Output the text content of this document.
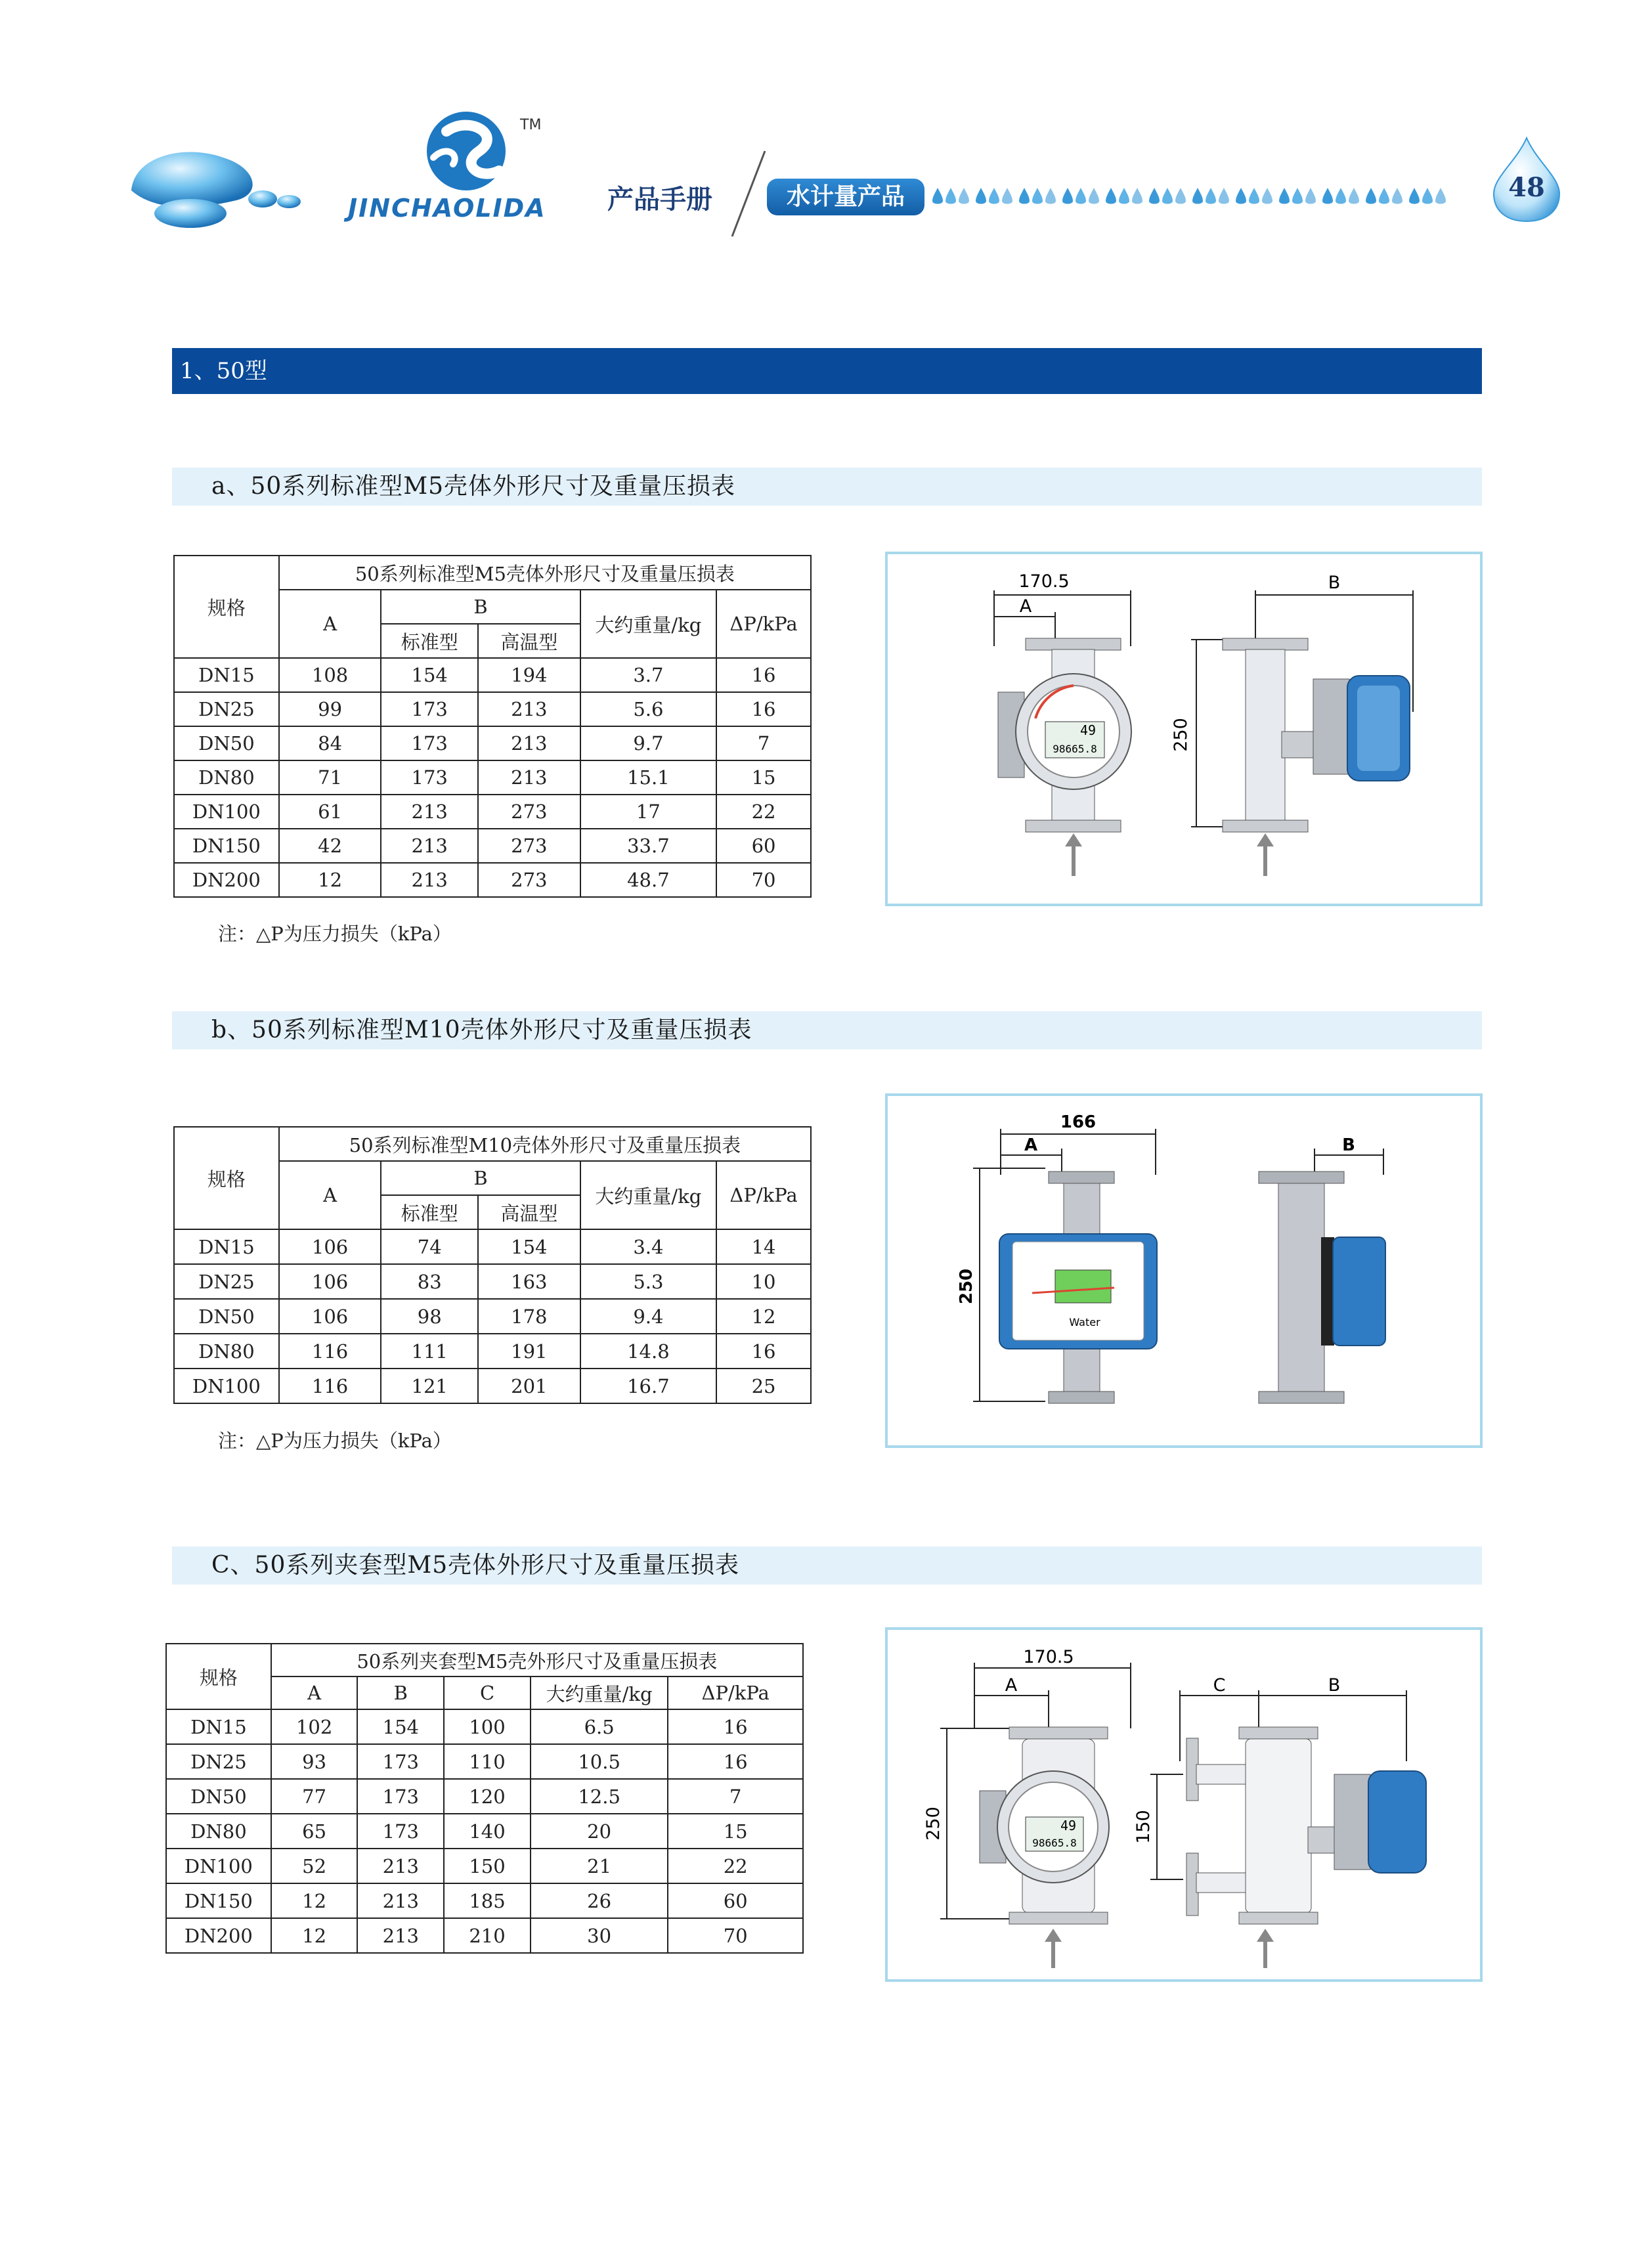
JINCHAOLIDA
TM
产品手册	水计量产品	48
1、50型
a、50系列标准型M5壳体外形尺寸及重量压损表
规格	50系列标准型M5壳体外形尺寸及重量压损表				
	A	B		大约重量/kg	ΔP/kPa
		标准型	高温型		
DN15	108	154	194	3.7	16
DN25	99	173	213	5.6	16
DN50	84	173	213	9.7	7
DN80	71	173	213	15.1	15
DN100	61	213	273	17	22
DN150	42	213	273	33.7	60
DN200	12	213	273	48.7	70
注：△P为压力损失（kPa）
170.5
A
B
250
49
98665.8
b、50系列标准型M10壳体外形尺寸及重量压损表
规格	50系列标准型M10壳体外形尺寸及重量压损表				
	A	B		大约重量/kg	ΔP/kPa
		标准型	高温型		
DN15	106	74	154	3.4	14
DN25	106	83	163	5.3	10
DN50	106	98	178	9.4	12
DN80	116	111	191	14.8	16
DN100	116	121	201	16.7	25
注：△P为压力损失（kPa）
166
A	B
250
Water
C、50系列夹套型M5壳体外形尺寸及重量压损表
规格	50系列夹套型M5壳外形尺寸及重量压损表				
	A	B	C	大约重量/kg	ΔP/kPa
DN15	102	154	100	6.5	16
DN25	93	173	110	10.5	16
DN50	77	173	120	12.5	7
DN80	65	173	140	20	15
DN100	52	213	150	21	22
DN150	12	213	185	26	60
DN200	12	213	210	30	70
170.5
A	C	B
250	150
49
98665.8
